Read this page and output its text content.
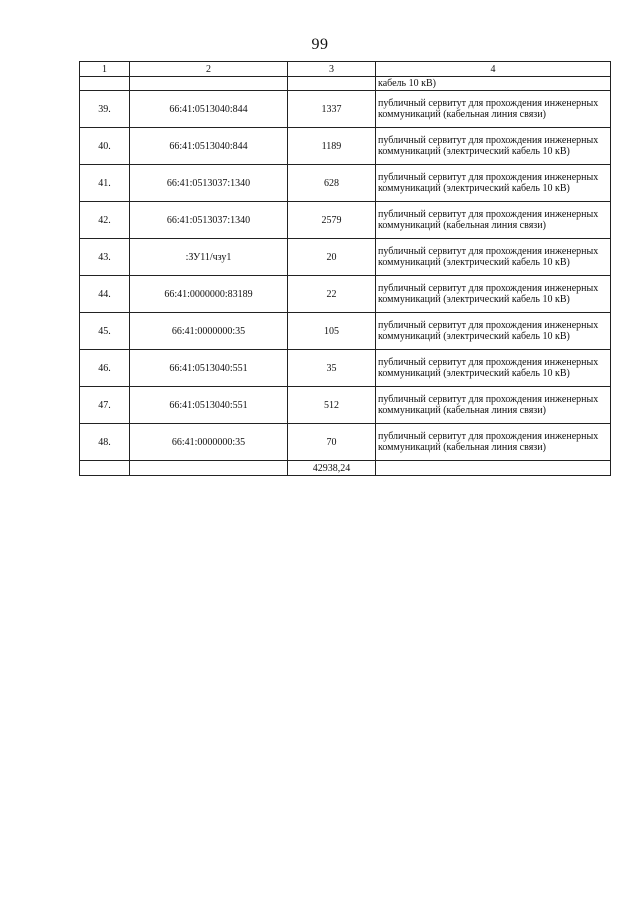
99
1	2	3	4
			кабель 10 кВ)
39.	66:41:0513040:844	1337	публичный сервитут для прохождения инженерных коммуникаций (кабельная линия связи)
40.	66:41:0513040:844	1189	публичный сервитут для прохождения инженерных коммуникаций (электрический кабель 10 кВ)
41.	66:41:0513037:1340	628	публичный сервитут для прохождения инженерных коммуникаций (электрический кабель 10 кВ)
42.	66:41:0513037:1340	2579	публичный сервитут для прохождения инженерных коммуникаций (кабельная линия связи)
43.	:ЗУ11/чзу1	20	публичный сервитут для прохождения инженерных коммуникаций (электрический кабель 10 кВ)
44.	66:41:0000000:83189	22	публичный сервитут для прохождения инженерных коммуникаций (электрический кабель 10 кВ)
45.	66:41:0000000:35	105	публичный сервитут для прохождения инженерных коммуникаций (электрический кабель 10 кВ)
46.	66:41:0513040:551	35	публичный сервитут для прохождения инженерных коммуникаций (электрический кабель 10 кВ)
47.	66:41:0513040:551	512	публичный сервитут для прохождения инженерных коммуникаций (кабельная линия связи)
48.	66:41:0000000:35	70	публичный сервитут для прохождения инженерных коммуникаций (кабельная линия связи)
		42938,24	
